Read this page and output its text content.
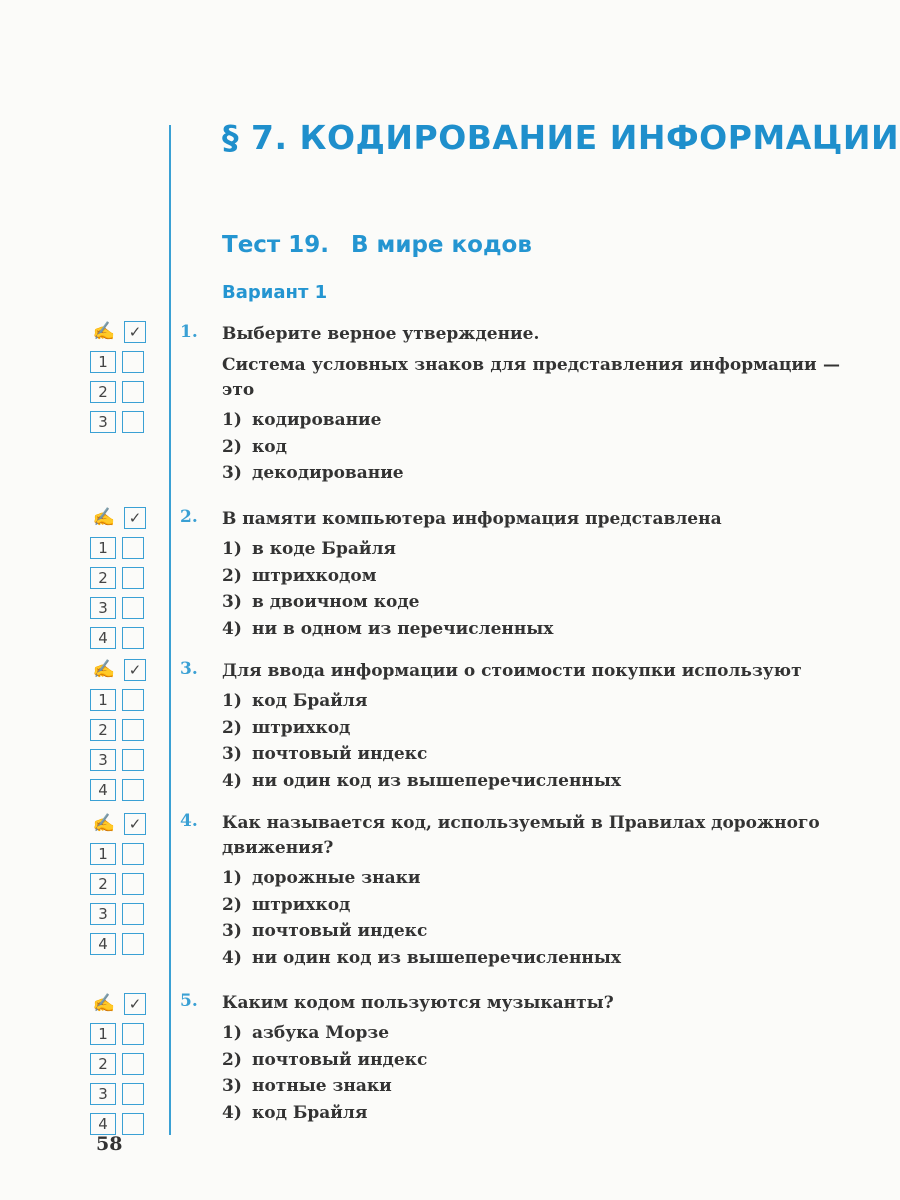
§ 7. КОДИРОВАНИЕ ИНФОРМАЦИИ
Тест 19. В мире кодов
Вариант 1
1. Выберите верное утверждение.
Система условных знаков для представления информации — это
1) кодирование
2) код
3) декодирование
✍ ✓
1
2
3
2. В памяти компьютера информация представлена
1) в коде Брайля
2) штрихкодом
3) в двоичном коде
4) ни в одном из перечисленных
✍ ✓
1
2
3
4
3. Для ввода информации о стоимости покупки используют
1) код Брайля
2) штрихкод
3) почтовый индекс
4) ни один код из вышеперечисленных
✍ ✓
1
2
3
4
4. Как называется код, используемый в Правилах дорожного движения?
1) дорожные знаки
2) штрихкод
3) почтовый индекс
4) ни один код из вышеперечисленных
✍ ✓
1
2
3
4
5. Каким кодом пользуются музыканты?
1) азбука Морзе
2) почтовый индекс
3) нотные знаки
4) код Брайля
✍ ✓
1
2
3
4
58
